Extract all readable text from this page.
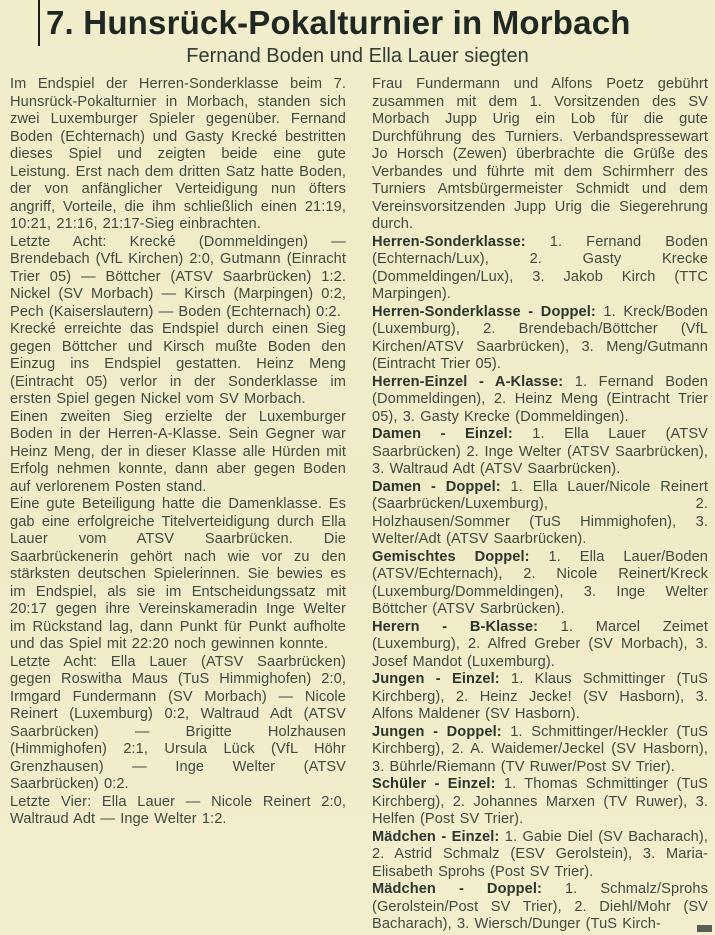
7. Hunsrück-Pokalturnier in Morbach
Fernand Boden und Ella Lauer siegten

Im Endspiel der Herren-Sonderklasse beim 7. Hunsrück-Pokalturnier in Morbach, standen sich zwei Luxemburger Spieler gegenüber. Fernand Boden (Echternach) und Gasty Krecké bestritten dieses Spiel und zeigten beide eine gute Leistung. Erst nach dem dritten Satz hatte Boden, der von anfänglicher Verteidigung nun öfters angriff, Vorteile, die ihm schließlich einen 21:19, 10:21, 21:16, 21:17-Sieg einbrachten.

Letzte Acht: Krecké (Dommeldingen) — Brendebach (VfL Kirchen) 2:0, Gutmann (Einracht Trier 05) — Böttcher (ATSV Saarbrücken) 1:2. Nickel (SV Morbach) — Kirsch (Marpingen) 0:2, Pech (Kaiserslautern) — Boden (Echternach) 0:2.

Krecké erreichte das Endspiel durch einen Sieg gegen Böttcher und Kirsch mußte Boden den Einzug ins Endspiel gestatten. Heinz Meng (Eintracht 05) verlor in der Sonderklasse im ersten Spiel gegen Nickel vom SV Morbach.

Einen zweiten Sieg erzielte der Luxemburger Boden in der Herren-A-Klasse. Sein Gegner war Heinz Meng, der in dieser Klasse alle Hürden mit Erfolg nehmen konnte, dann aber gegen Boden auf verlorenem Posten stand.

Eine gute Beteiligung hatte die Damenklasse. Es gab eine erfolgreiche Titelverteidigung durch Ella Lauer vom ATSV Saarbrücken. Die Saarbrückenerin gehört nach wie vor zu den stärksten deutschen Spielerinnen. Sie bewies es im Endspiel, als sie im Entscheidungssatz mit 20:17 gegen ihre Vereinskameradin Inge Welter im Rückstand lag, dann Punkt für Punkt aufholte und das Spiel mit 22:20 noch gewinnen konnte.

Letzte Acht: Ella Lauer (ATSV Saarbrücken) gegen Roswitha Maus (TuS Himmighofen) 2:0, Irmgard Fundermann (SV Morbach) — Nicole Reinert (Luxemburg) 0:2, Waltraud Adt (ATSV Saarbrücken) — Brigitte Holzhausen (Himmighofen) 2:1, Ursula Lück (VfL Höhr Grenzhausen) — Inge Welter (ATSV Saarbrücken) 0:2.

Letzte Vier: Ella Lauer — Nicole Reinert 2:0, Waltraud Adt — Inge Welter 1:2.

Frau Fundermann und Alfons Poetz gebührt zusammen mit dem 1. Vorsitzenden des SV Morbach Jupp Urig ein Lob für die gute Durchführung des Turniers. Verbandspressewart Jo Horsch (Zewen) überbrachte die Grüße des Verbandes und führte mit dem Schirmherr des Turniers Amtsbürgermeister Schmidt und dem Vereinsvorsitzenden Jupp Urig die Siegerehrung durch.

Herren-Sonderklasse: 1. Fernand Boden (Echternach/Lux), 2. Gasty Krecke (Dommeldingen/Lux), 3. Jakob Kirch (TTC Marpingen).

Herren-Sonderklasse - Doppel: 1. Kreck/Boden (Luxemburg), 2. Brendebach/Böttcher (VfL Kirchen/ATSV Saarbrücken), 3. Meng/Gutmann (Eintracht Trier 05).

Herren-Einzel - A-Klasse: 1. Fernand Boden (Dommeldingen), 2. Heinz Meng (Eintracht Trier 05), 3. Gasty Krecke (Dommeldingen).

Damen - Einzel: 1. Ella Lauer (ATSV Saarbrücken) 2. Inge Welter (ATSV Saarbrücken), 3. Waltraud Adt (ATSV Saarbrücken).

Damen - Doppel: 1. Ella Lauer/Nicole Reinert (Saarbrücken/Luxemburg), 2. Holzhausen/Sommer (TuS Himmighofen), 3. Welter/Adt (ATSV Saarbrücken).

Gemischtes Doppel: 1. Ella Lauer/Boden (ATSV/Echternach), 2. Nicole Reinert/Kreck (Luxemburg/Dommeldingen), 3. Inge Welter Böttcher (ATSV Sarbrücken).

Herern - B-Klasse: 1. Marcel Zeimet (Luxemburg), 2. Alfred Greber (SV Morbach), 3. Josef Mandot (Luxemburg).

Jungen - Einzel: 1. Klaus Schmittinger (TuS Kirchberg), 2. Heinz Jecke! (SV Hasborn), 3. Alfons Maldener (SV Hasborn).

Jungen - Doppel: 1. Schmittinger/Heckler (TuS Kirchberg), 2. A. Waidemer/Jeckel (SV Hasborn), 3. Bührle/Riemann (TV Ruwer/Post SV Trier).

Schüler - Einzel: 1. Thomas Schmittinger (TuS Kirchberg), 2. Johannes Marxen (TV Ruwer), 3. Helfen (Post SV Trier).

Mädchen - Einzel: 1. Gabie Diel (SV Bacharach), 2. Astrid Schmalz (ESV Gerolstein), 3. Maria-Elisabeth Sprohs (Post SV Trier).

Mädchen - Doppel: 1. Schmalz/Sprohs (Gerolstein/Post SV Trier), 2. Diehl/Mohr (SV Bacharach), 3. Wiersch/Dunger (TuS Kirch-
